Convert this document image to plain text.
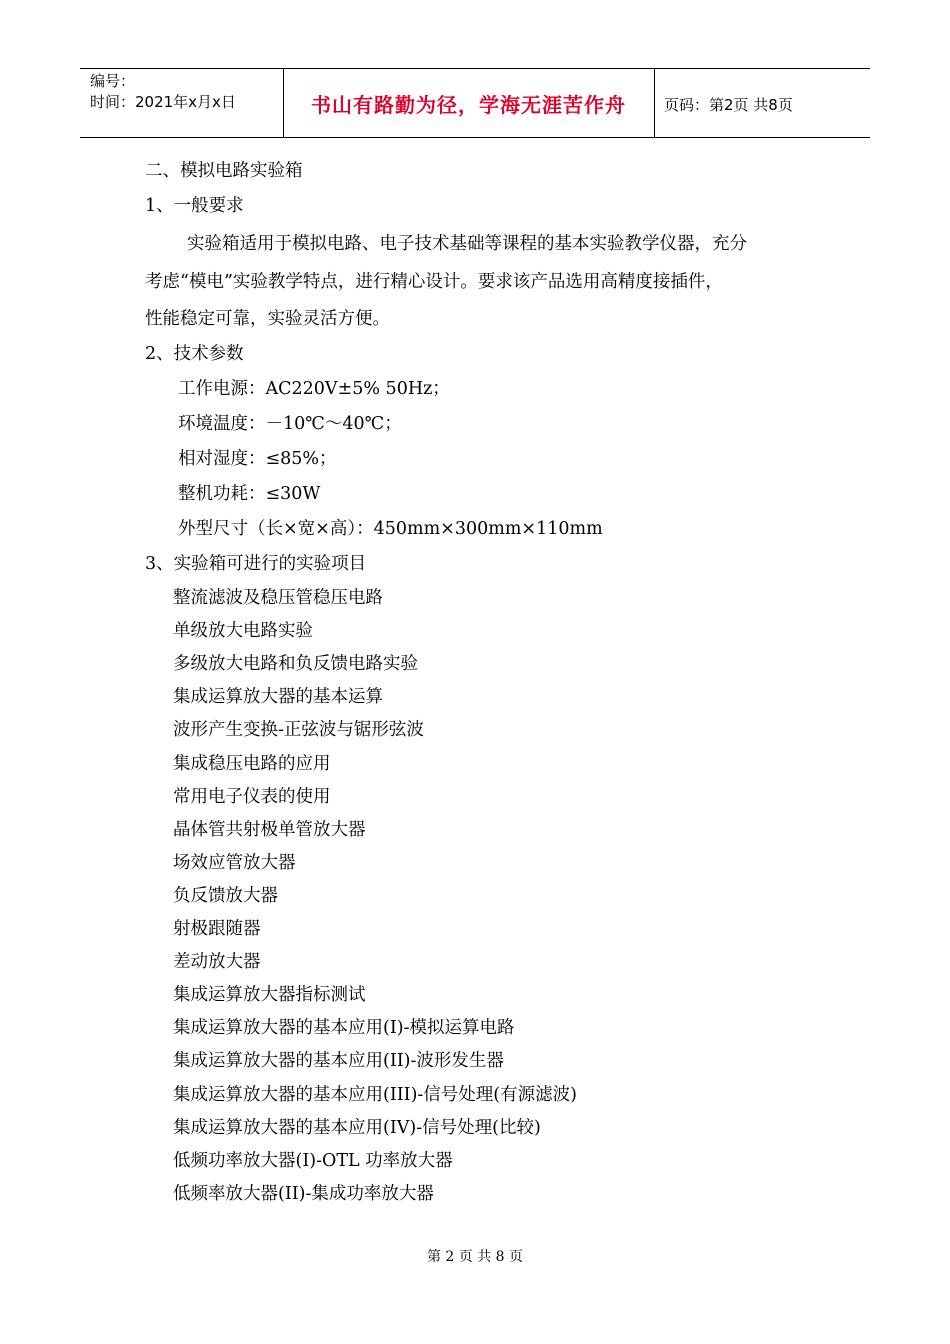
编号：
时间：2021年x月x日	书山有路勤为径，学海无涯苦作舟	页码：第2页 共8页
二、模拟电路实验箱
1、一般要求
实验箱适用于模拟电路、电子技术基础等课程的基本实验教学仪器，充分
考虑“模电”实验教学特点，进行精心设计。要求该产品选用高精度接插件，
性能稳定可靠，实验灵活方便。
2、技术参数
工作电源：AC220V±5% 50Hz；
环境温度：－10℃～40℃；
相对湿度：≤85%；
整机功耗：≤30W
外型尺寸（长×宽×高）：450mm×300mm×110mm
3、实验箱可进行的实验项目
整流滤波及稳压管稳压电路
单级放大电路实验
多级放大电路和负反馈电路实验
集成运算放大器的基本运算
波形产生变换-正弦波与锯形弦波
集成稳压电路的应用
常用电子仪表的使用
晶体管共射极单管放大器
场效应管放大器
负反馈放大器
射极跟随器
差动放大器
集成运算放大器指标测试
集成运算放大器的基本应用(I)-模拟运算电路
集成运算放大器的基本应用(II)-波形发生器
集成运算放大器的基本应用(III)-信号处理(有源滤波)
集成运算放大器的基本应用(IV)-信号处理(比较)
低频功率放大器(I)-OTL 功率放大器
低频率放大器(II)-集成功率放大器
第 2 页 共 8 页
